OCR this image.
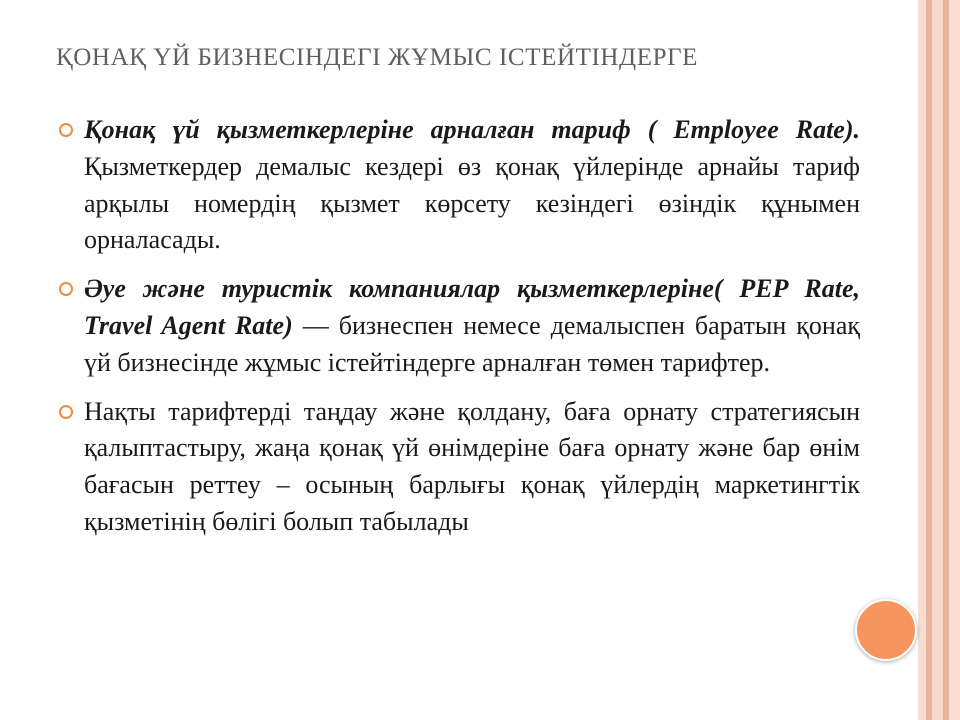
ҚОНАҚ ҮЙ БИЗНЕСІНДЕГІ ЖҰМЫС ІСТЕЙТІНДЕРГЕ
Қонақ үй қызметкерлеріне арналған тариф ( Employee Rate). Қызметкердер демалыс кездері өз қонақ үйлерінде арнайы тариф арқылы номердің қызмет көрсету кезіндегі өзіндік құнымен орналасады.
Әуе және туристік компаниялар қызметкерлеріне( PEP Rate, Travel Agent Rate) — бизнеспен немесе демалыспен баратын қонақ үй бизнесінде жұмыс істейтіндерге арналған төмен тарифтер.
Нақты тарифтерді таңдау және қолдану, баға орнату стратегиясын қалыптастыру, жаңа қонақ үй өнімдеріне баға орнату және бар өнім бағасын реттеу – осының барлығы қонақ үйлердің маркетингтік қызметінің бөлігі болып табылады
